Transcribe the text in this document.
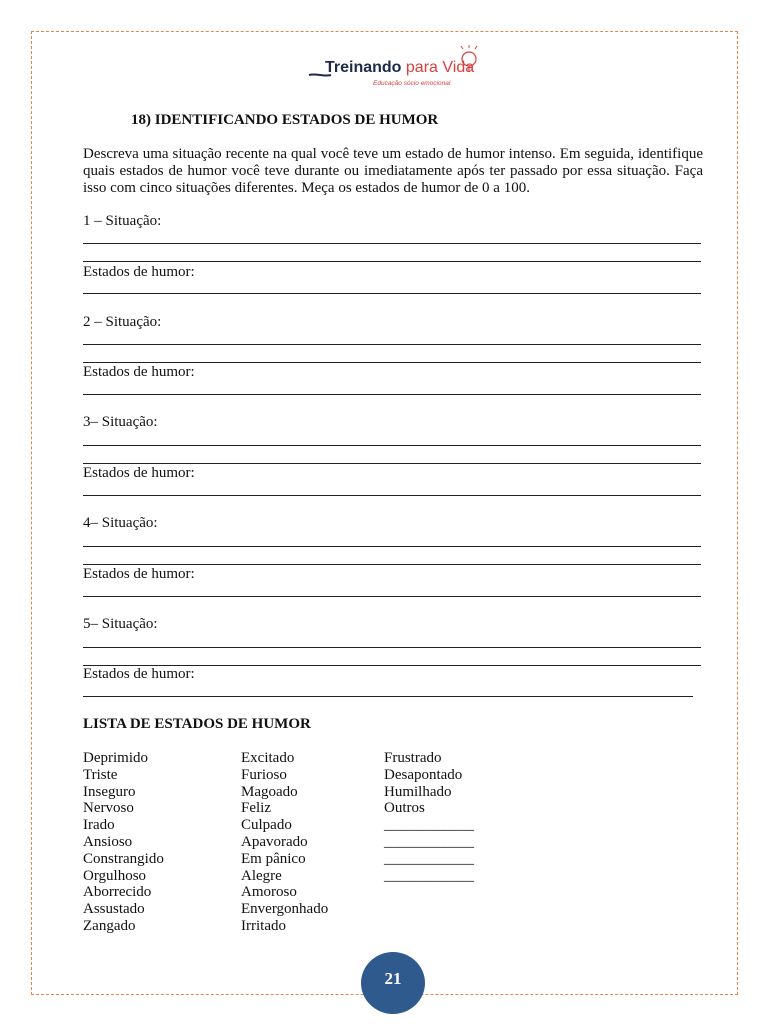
Treinando para Vida
Educação sócio emocional
18) IDENTIFICANDO ESTADOS DE HUMOR

Descreva uma situação recente na qual você teve um estado de humor intenso. Em seguida, identifique quais estados de humor você teve durante ou imediatamente após ter passado por essa situação. Faça isso com cinco situações diferentes. Meça os estados de humor de 0 a 100.

1 – Situação:
Estados de humor:
2 – Situação:
Estados de humor:
3– Situação:
Estados de humor:
4– Situação:
Estados de humor:
5– Situação:
Estados de humor:
LISTA DE ESTADOS DE HUMOR
Deprimido
Triste
Inseguro
Nervoso
Irado
Ansioso
Constrangido
Orgulhoso
Aborrecido
Assustado
Zangado
Excitado
Furioso
Magoado
Feliz
Culpado
Apavorado
Em pânico
Alegre
Amoroso
Envergonhado
Irritado
Frustrado
Desapontado
Humilhado
Outros
____________
____________
____________
____________
21
